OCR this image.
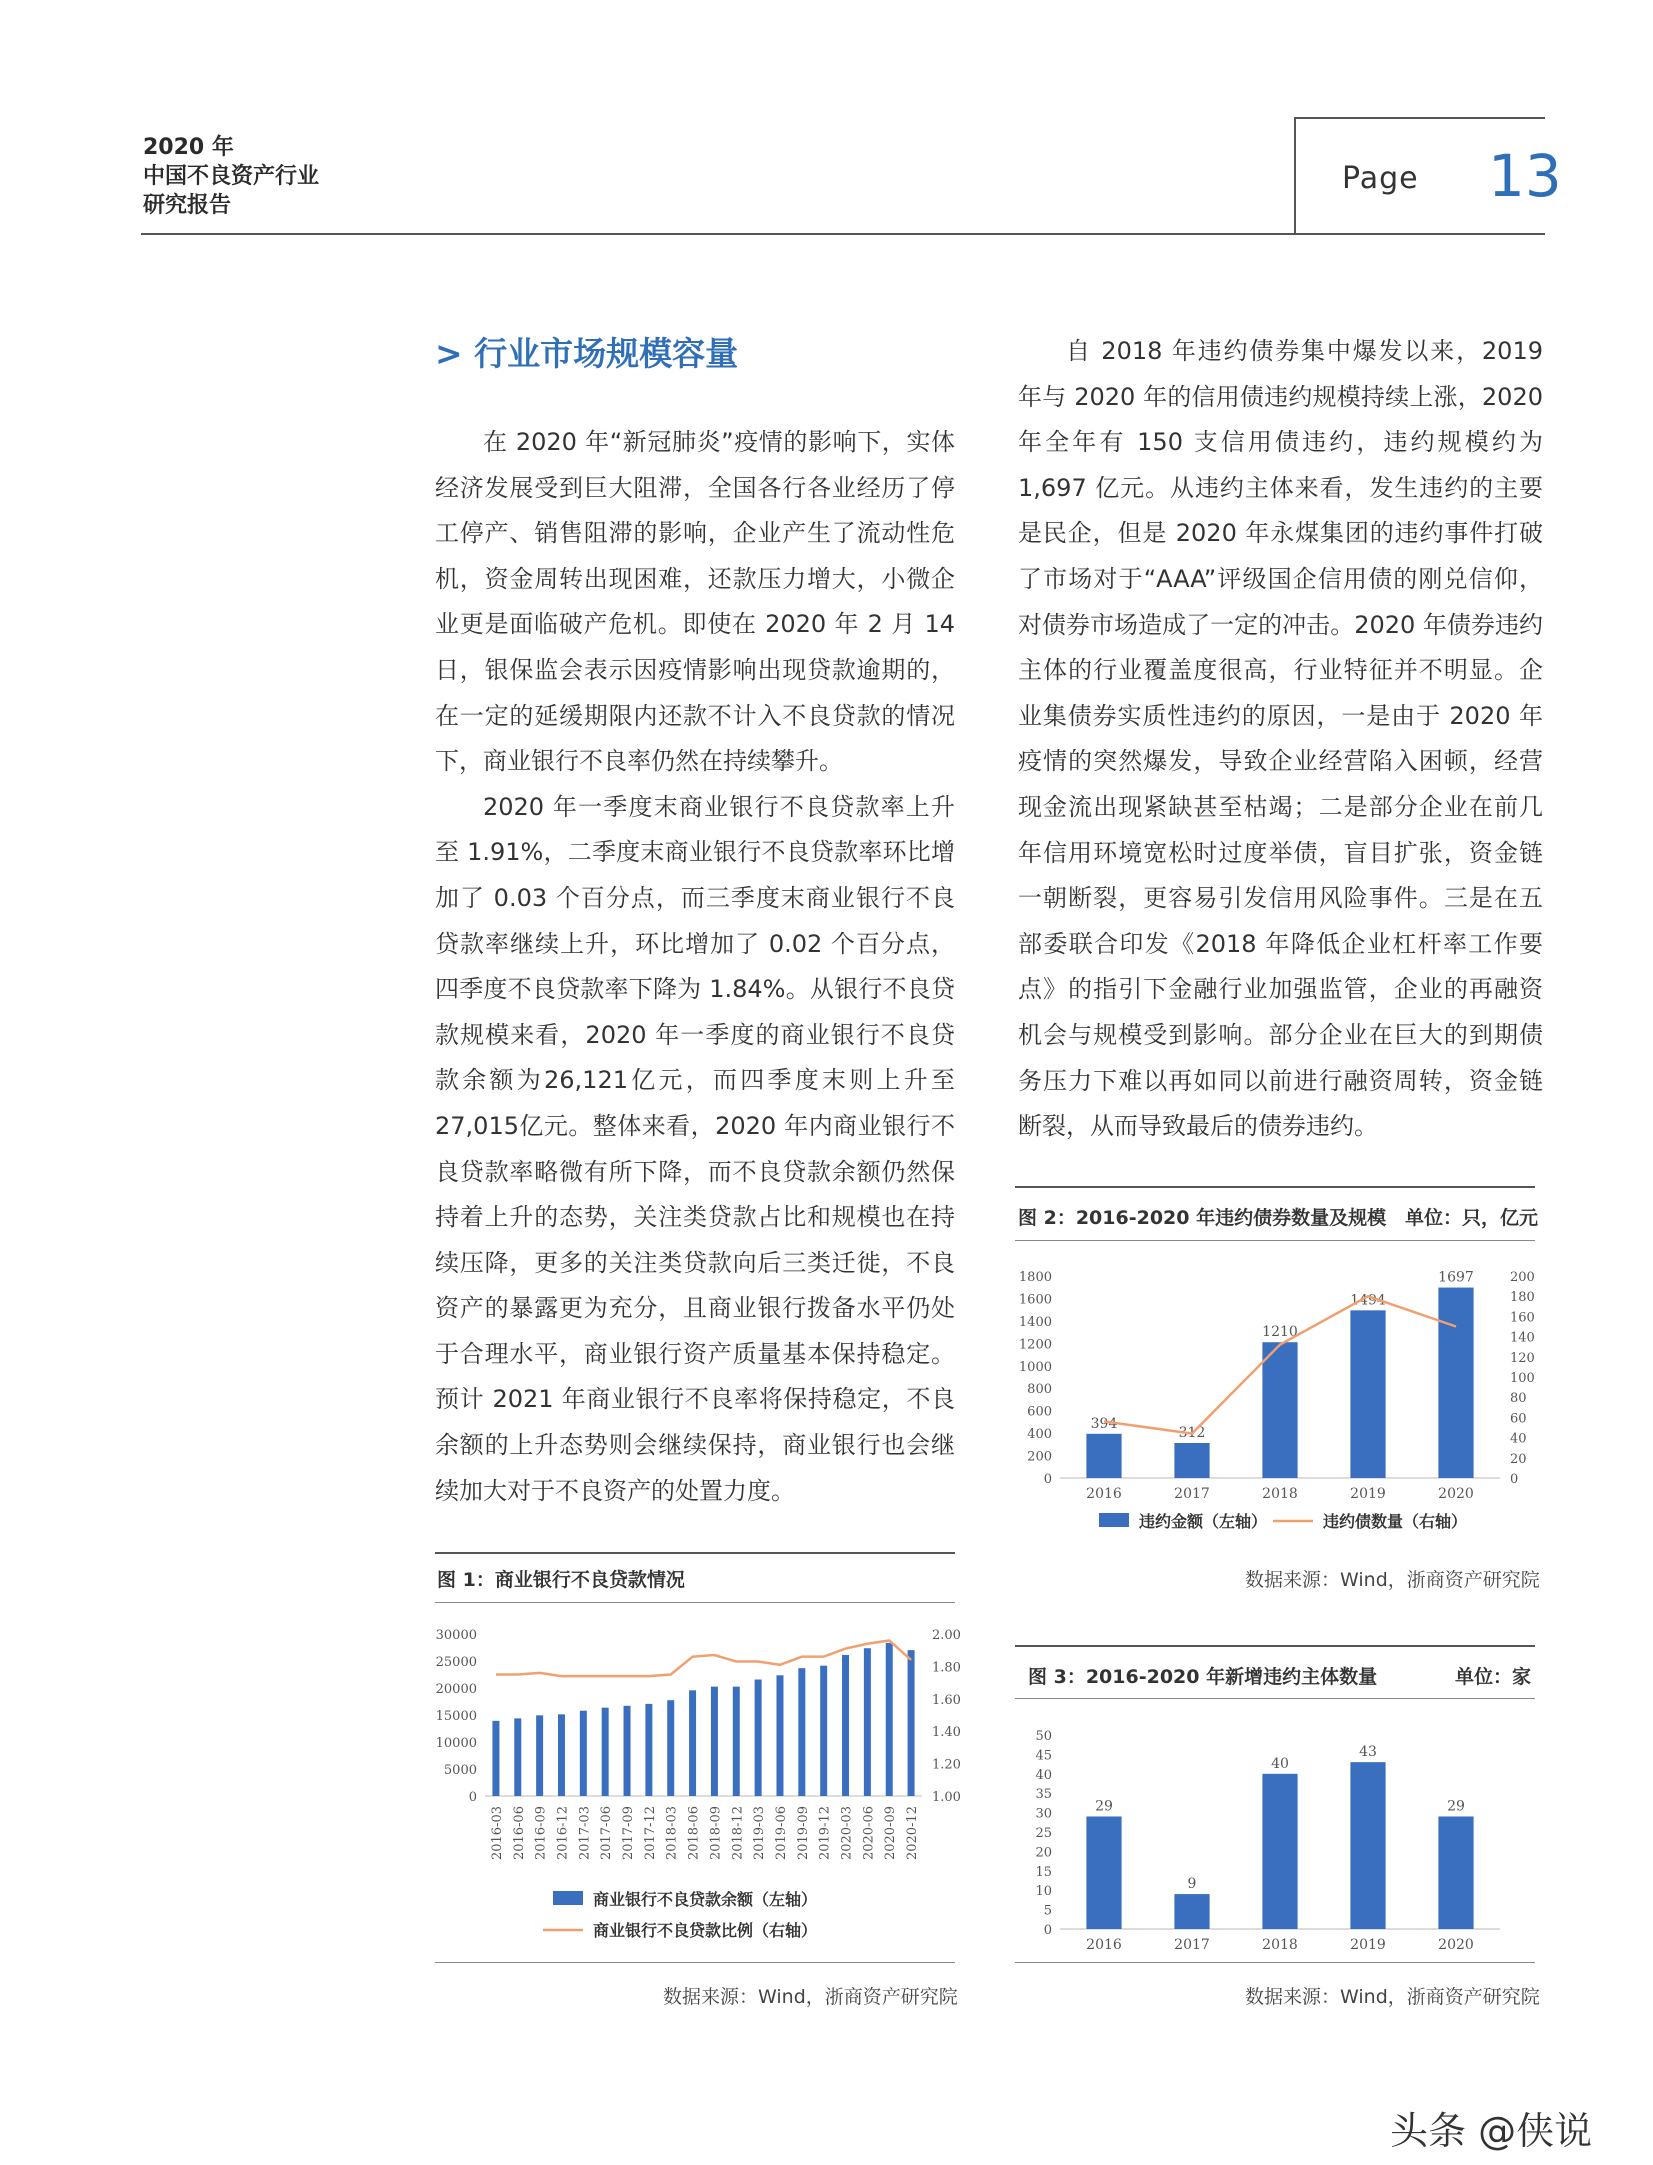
2020 年
中国不良资产行业
研究报告
Page 13
> 行业市场规模容量

在 2020 年“新冠肺炎”疫情的影响下，实体经济发展受到巨大阻滞，全国各行各业经历了停工停产、销售阻滞的影响，企业产生了流动性危机，资金周转出现困难，还款压力增大，小微企业更是面临破产危机。即使在 2020 年 2 月 14 日，银保监会表示因疫情影响出现贷款逾期的，在一定的延缓期限内还款不计入不良贷款的情况下，商业银行不良率仍然在持续攀升。

2020 年一季度末商业银行不良贷款率上升至 1.91%，二季度末商业银行不良贷款率环比增加了 0.03 个百分点，而三季度末商业银行不良贷款率继续上升，环比增加了 0.02 个百分点，四季度不良贷款率下降为 1.84%。从银行不良贷款规模来看，2020 年一季度的商业银行不良贷款余额为26,121亿元，而四季度末则上升至27,015亿元。整体来看，2020 年内商业银行不良贷款率略微有所下降，而不良贷款余额仍然保持着上升的态势，关注类贷款占比和规模也在持续压降，更多的关注类贷款向后三类迁徙，不良资产的暴露更为充分，且商业银行拨备水平仍处于合理水平，商业银行资产质量基本保持稳定。预计 2021 年商业银行不良率将保持稳定，不良余额的上升态势则会继续保持，商业银行也会继续加大对于不良资产的处置力度。

自 2018 年违约债券集中爆发以来，2019 年与 2020 年的信用债违约规模持续上涨，2020 年全年有 150 支信用债违约，违约规模约为 1,697 亿元。从违约主体来看，发生违约的主要是民企，但是 2020 年永煤集团的违约事件打破了市场对于“AAA”评级国企信用债的刚兑信仰，对债券市场造成了一定的冲击。2020 年债券违约主体的行业覆盖度很高，行业特征并不明显。企业集债券实质性违约的原因，一是由于 2020 年疫情的突然爆发，导致企业经营陷入困顿，经营现金流出现紧缺甚至枯竭；二是部分企业在前几年信用环境宽松时过度举债，盲目扩张，资金链一朝断裂，更容易引发信用风险事件。三是在五部委联合印发《2018 年降低企业杠杆率工作要点》的指引下金融行业加强监管，企业的再融资机会与规模受到影响。部分企业在巨大的到期债务压力下难以再如同以前进行融资周转，资金链断裂，从而导致最后的债券违约。

图 1：商业银行不良贷款情况
0
5000
10000
15000
20000
25000
30000
1.00
1.20
1.40
1.60
1.80
2.00
2016-03 2016-06 2016-09 2016-12 2017-03 2017-06 2017-09 2017-12 2018-03 2018-06 2018-09 2018-12 2019-03 2019-06 2019-09 2019-12 2020-03 2020-06 2020-09 2020-12
商业银行不良贷款余额（左轴）
商业银行不良贷款比例（右轴）
数据来源：Wind，浙商资产研究院
图 2：2016-2020 年违约债券数量及规模 单位：只，亿元
0
200
400
600
800
1000
1200
1400
1600
1800
0
20
40
60
80
100
120
140
160
180
200
394
312
1210
1494
1697
2016	2017	2018	2019	2020
违约金额（左轴）	违约债数量（右轴）
数据来源：Wind，浙商资产研究院
图 3：2016-2020 年新增违约主体数量	单位：家
0
5
10
15
20
25
30
35
40
45
50
29
9
40
43
29
2016	2017	2018	2019	2020
数据来源：Wind，浙商资产研究院
头条 @侠说
